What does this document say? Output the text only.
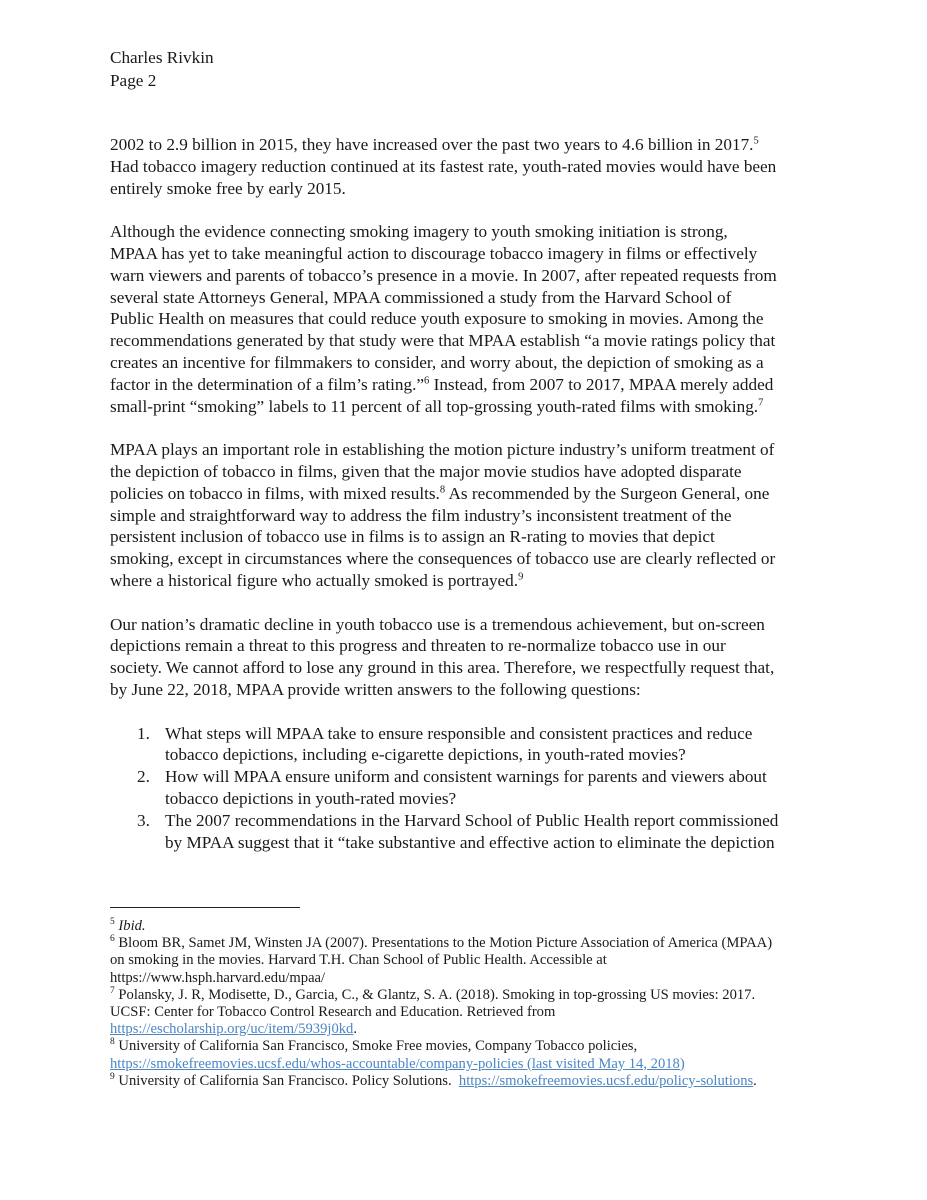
Charles Rivkin
Page 2

2002 to 2.9 billion in 2015, they have increased over the past two years to 4.6 billion in 2017.$^5$
Had tobacco imagery reduction continued at its fastest rate, youth-rated movies would have been
entirely smoke free by early 2015.

Although the evidence connecting smoking imagery to youth smoking initiation is strong,
MPAA has yet to take meaningful action to discourage tobacco imagery in films or effectively
warn viewers and parents of tobacco’s presence in a movie. In 2007, after repeated requests from
several state Attorneys General, MPAA commissioned a study from the Harvard School of
Public Health on measures that could reduce youth exposure to smoking in movies. Among the
recommendations generated by that study were that MPAA establish “a movie ratings policy that
creates an incentive for filmmakers to consider, and worry about, the depiction of smoking as a
factor in the determination of a film’s rating.”$^6$ Instead, from 2007 to 2017, MPAA merely added
small-print “smoking” labels to 11 percent of all top-grossing youth-rated films with smoking.$^7$

MPAA plays an important role in establishing the motion picture industry’s uniform treatment of
the depiction of tobacco in films, given that the major movie studios have adopted disparate
policies on tobacco in films, with mixed results.$^8$ As recommended by the Surgeon General, one
simple and straightforward way to address the film industry’s inconsistent treatment of the
persistent inclusion of tobacco use in films is to assign an R-rating to movies that depict
smoking, except in circumstances where the consequences of tobacco use are clearly reflected or
where a historical figure who actually smoked is portrayed.$^9$

Our nation’s dramatic decline in youth tobacco use is a tremendous achievement, but on-screen
depictions remain a threat to this progress and threaten to re-normalize tobacco use in our
society. We cannot afford to lose any ground in this area. Therefore, we respectfully request that,
by June 22, 2018, MPAA provide written answers to the following questions:

1. What steps will MPAA take to ensure responsible and consistent practices and reduce
tobacco depictions, including e-cigarette depictions, in youth-rated movies?
2. How will MPAA ensure uniform and consistent warnings for parents and viewers about
tobacco depictions in youth-rated movies?
3. The 2007 recommendations in the Harvard School of Public Health report commissioned
by MPAA suggest that it “take substantive and effective action to eliminate the depiction
$^5$ Ibid.
$^6$ Bloom BR, Samet JM, Winsten JA (2007). Presentations to the Motion Picture Association of America (MPAA)
on smoking in the movies. Harvard T.H. Chan School of Public Health. Accessible at
https://www.hsph.harvard.edu/mpaa/
$^7$ Polansky, J. R, Modisette, D., Garcia, C., & Glantz, S. A. (2018). Smoking in top-grossing US movies: 2017.
UCSF: Center for Tobacco Control Research and Education. Retrieved from
https://escholarship.org/uc/item/5939j0kd.
$^8$ University of California San Francisco, Smoke Free movies, Company Tobacco policies,
https://smokefreemovies.ucsf.edu/whos-accountable/company-policies (last visited May 14, 2018)
$^9$ University of California San Francisco. Policy Solutions.  https://smokefreemovies.ucsf.edu/policy-solutions.
